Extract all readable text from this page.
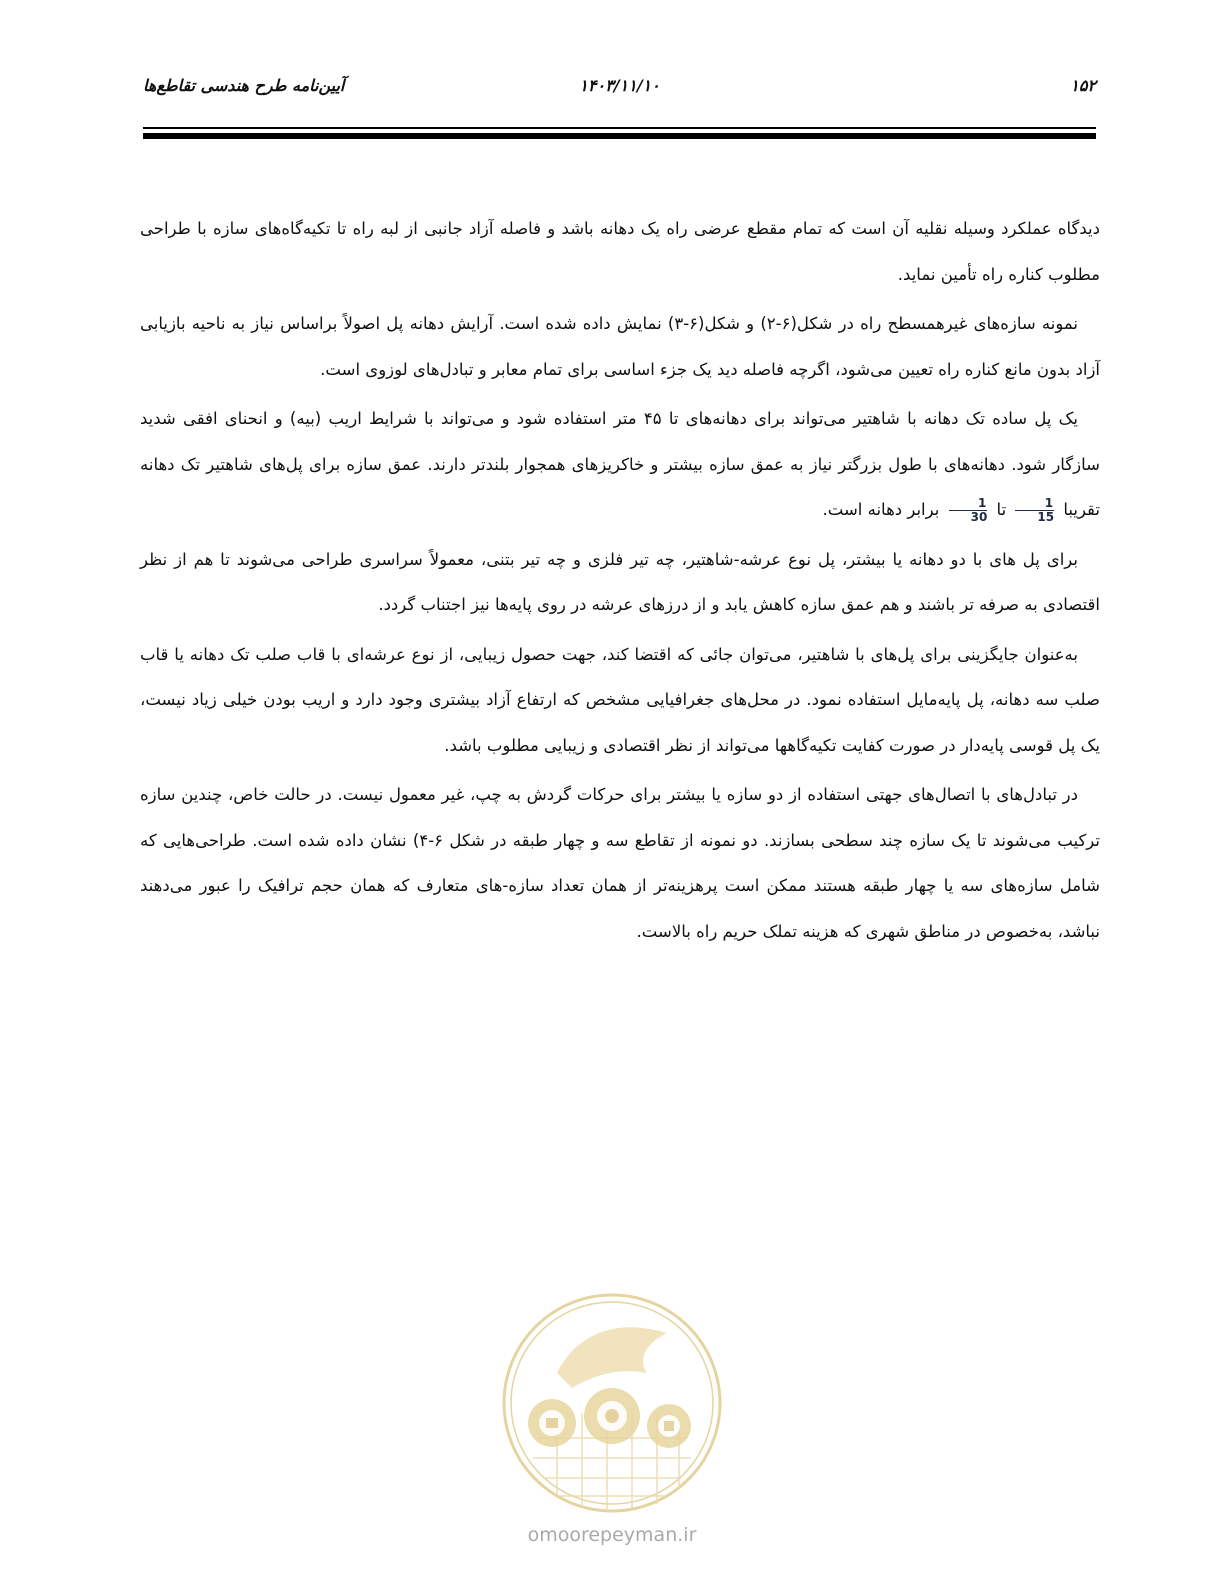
۱۵۲
۱۴۰۳/۱۱/۱۰
آیین‌نامه طرح هندسی تقاطع‌ها

دیدگاه عملکرد وسیله نقلیه آن است که تمام مقطع عرضی راه یک دهانه باشد و فاصله آزاد جانبی از لبه راه تا تکیه‌گاه‌های سازه با طراحی مطلوب کناره راه تأمین نماید.

نمونه سازه‌های غیرهمسطح راه در شکل(۶-۲) و شکل(۶-۳) نمایش داده شده است. آرایش دهانه پل اصولاً براساس نیاز به ناحیه بازیابی آزاد بدون مانع کناره راه تعیین می‌شود، اگرچه فاصله دید یک جزء اساسی برای تمام معابر و تبادل‌های لوزوی است.

یک پل ساده تک دهانه با شاهتیر می‌تواند برای دهانه‌های تا ۴۵ متر استفاده شود و می‌تواند با شرایط اریب (بیه) و انحنای افقی شدید سازگار شود. دهانه‌های با طول بزرگتر نیاز به عمق سازه بیشتر و خاکریزهای همجوار بلندتر دارند. عمق سازه برای پل‌های شاهتیر تک دهانه تقریبا
$\frac{1}{15}$
تا
$\frac{1}{30}$
برابر دهانه است.

برای پل های با دو دهانه یا بیشتر، پل نوع عرشه-شاهتیر، چه تیر فلزی و چه تیر بتنی، معمولاً سراسری طراحی می‌شوند تا هم از نظر اقتصادی به صرفه تر باشند و هم عمق سازه کاهش یابد و از درزهای عرشه در روی پایه‌ها نیز اجتناب گردد.

به‌عنوان جایگزینی برای پل‌های با شاهتیر، می‌توان جائی که اقتضا کند، جهت حصول زیبایی، از نوع عرشه‌ای با قاب صلب تک دهانه یا قاب صلب سه دهانه، پل پایه‌مایل استفاده نمود. در محل‌های جغرافیایی مشخص که ارتفاع آزاد بیشتری وجود دارد و اریب بودن خیلی زیاد نیست، یک پل قوسی پایه‌دار در صورت کفایت تکیه‌گاهها می‌تواند از نظر اقتصادی و زیبایی مطلوب باشد.

در تبادل‌های با اتصال‌های جهتی استفاده از دو سازه یا بیشتر برای حرکات گردش به چپ، غیر معمول نیست. در حالت خاص، چندین سازه ترکیب می‌شوند تا یک سازه چند سطحی بسازند. دو نمونه از تقاطع سه و چهار طبقه در شکل ۶-۴) نشان داده شده است. طراحی‌هایی که شامل سازه‌های سه یا چهار طبقه هستند ممکن است پرهزینه‌تر از همان تعداد سازه-های متعارف که همان حجم ترافیک را عبور می‌دهند نباشد، به‌خصوص در مناطق شهری که هزینه تملک حریم راه بالاست.

omoorepeyman.ir
